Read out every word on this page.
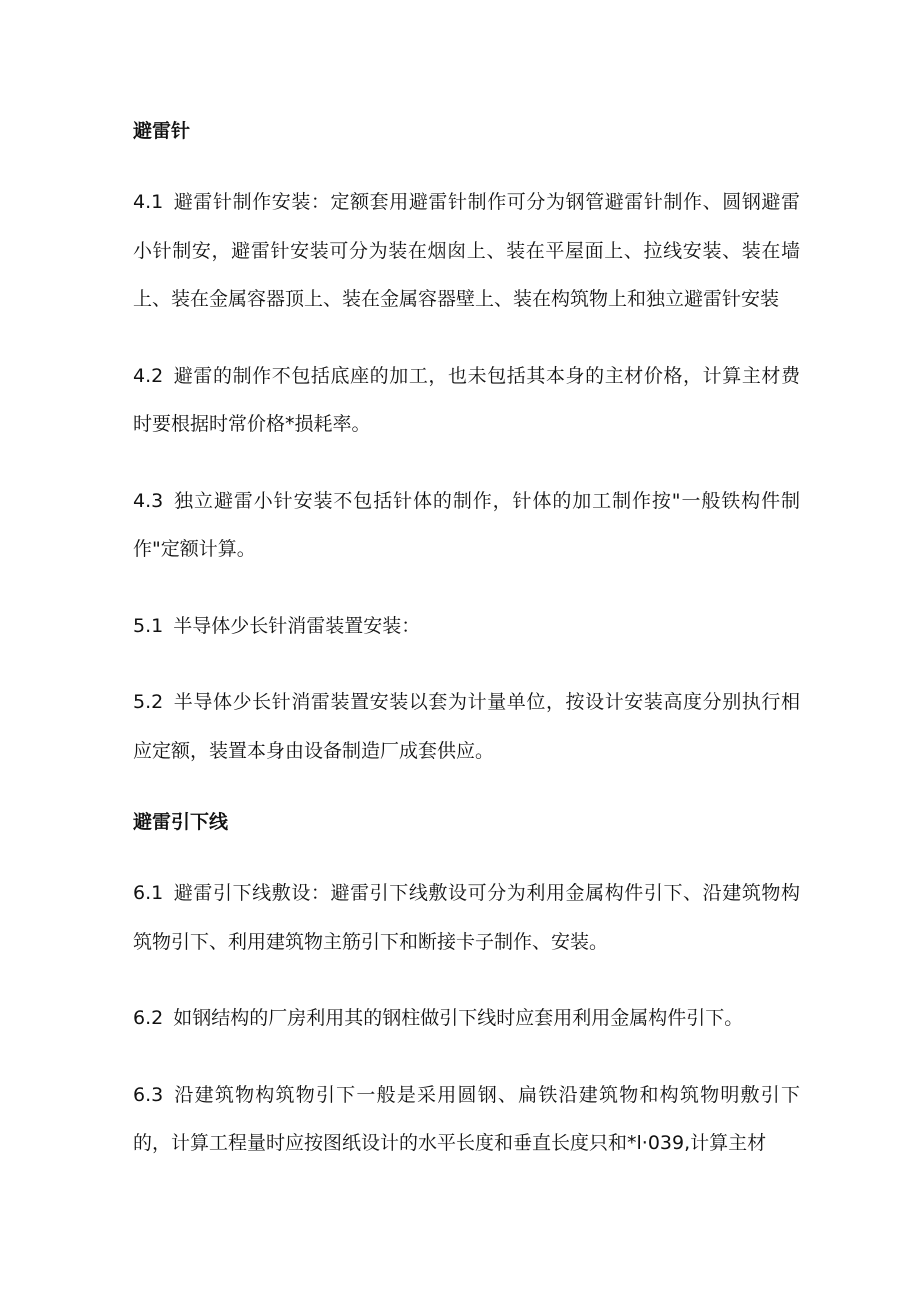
避雷针

4.1 避雷针制作安装：定额套用避雷针制作可分为钢管避雷针制作、圆钢避雷小针制安，避雷针安装可分为装在烟囱上、装在平屋面上、拉线安装、装在墙上、装在金属容器顶上、装在金属容器壁上、装在构筑物上和独立避雷针安装

4.2 避雷的制作不包括底座的加工，也未包括其本身的主材价格，计算主材费时要根据时常价格*损耗率。

4.3 独立避雷小针安装不包括针体的制作，针体的加工制作按"一般铁构件制作"定额计算。

5.1 半导体少长针消雷装置安装：

5.2 半导体少长针消雷装置安装以套为计量单位，按设计安装高度分别执行相应定额，装置本身由设备制造厂成套供应。

避雷引下线

6.1 避雷引下线敷设：避雷引下线敷设可分为利用金属构件引下、沿建筑物构筑物引下、利用建筑物主筋引下和断接卡子制作、安装。

6.2 如钢结构的厂房利用其的钢柱做引下线时应套用利用金属构件引下。

6.3 沿建筑物构筑物引下一般是采用圆钢、扁铁沿建筑物和构筑物明敷引下的，计算工程量时应按图纸设计的水平长度和垂直长度只和*l·039,计算主材
